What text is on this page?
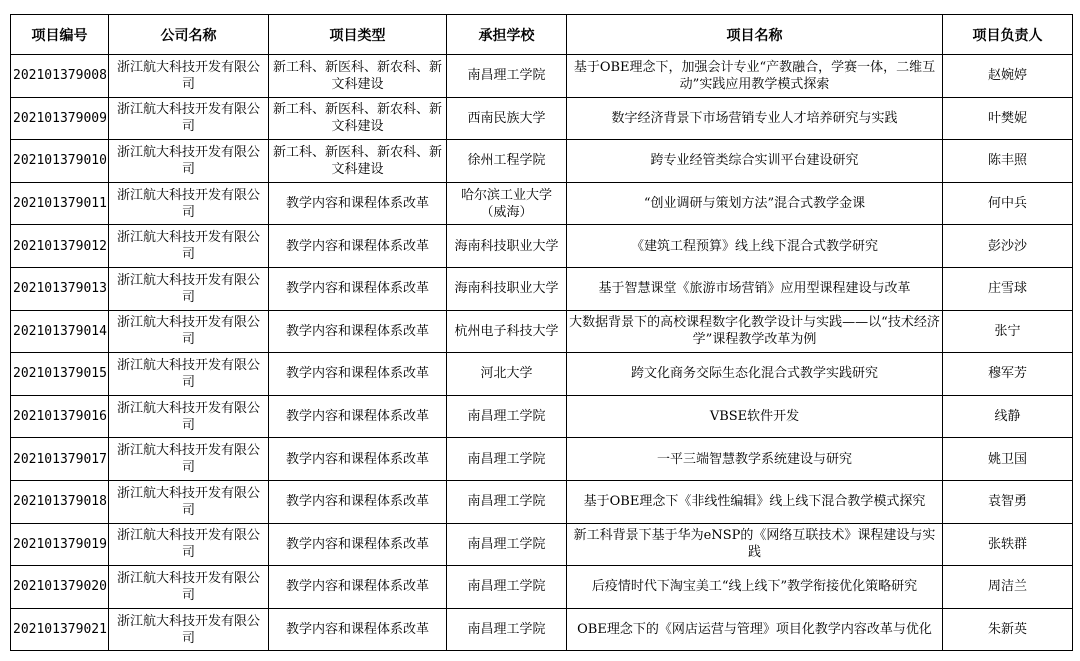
项目编号	公司名称	项目类型	承担学校	项目名称	项目负责人
202101379008	浙江航大科技开发有限公司	新工科、新医科、新农科、新文科建设	南昌理工学院	基于OBE理念下，加强会计专业“产教融合，学赛一体，二维互动”实践应用教学模式探索	赵婉婷
202101379009	浙江航大科技开发有限公司	新工科、新医科、新农科、新文科建设	西南民族大学	数字经济背景下市场营销专业人才培养研究与实践	叶樊妮
202101379010	浙江航大科技开发有限公司	新工科、新医科、新农科、新文科建设	徐州工程学院	跨专业经管类综合实训平台建设研究	陈丰照
202101379011	浙江航大科技开发有限公司	教学内容和课程体系改革	哈尔滨工业大学（威海）	“创业调研与策划方法”混合式教学金课	何中兵
202101379012	浙江航大科技开发有限公司	教学内容和课程体系改革	海南科技职业大学	《建筑工程预算》线上线下混合式教学研究	彭沙沙
202101379013	浙江航大科技开发有限公司	教学内容和课程体系改革	海南科技职业大学	基于智慧课堂《旅游市场营销》应用型课程建设与改革	庄雪球
202101379014	浙江航大科技开发有限公司	教学内容和课程体系改革	杭州电子科技大学	大数据背景下的高校课程数字化教学设计与实践——以“技术经济学”课程教学改革为例	张宁
202101379015	浙江航大科技开发有限公司	教学内容和课程体系改革	河北大学	跨文化商务交际生态化混合式教学实践研究	穆军芳
202101379016	浙江航大科技开发有限公司	教学内容和课程体系改革	南昌理工学院	VBSE软件开发	线静
202101379017	浙江航大科技开发有限公司	教学内容和课程体系改革	南昌理工学院	一平三端智慧教学系统建设与研究	姚卫国
202101379018	浙江航大科技开发有限公司	教学内容和课程体系改革	南昌理工学院	基于OBE理念下《非线性编辑》线上线下混合教学模式探究	袁智勇
202101379019	浙江航大科技开发有限公司	教学内容和课程体系改革	南昌理工学院	新工科背景下基于华为eNSP的《网络互联技术》课程建设与实践	张轶群
202101379020	浙江航大科技开发有限公司	教学内容和课程体系改革	南昌理工学院	后疫情时代下淘宝美工“线上线下”教学衔接优化策略研究	周洁兰
202101379021	浙江航大科技开发有限公司	教学内容和课程体系改革	南昌理工学院	OBE理念下的《网店运营与管理》项目化教学内容改革与优化	朱新英
